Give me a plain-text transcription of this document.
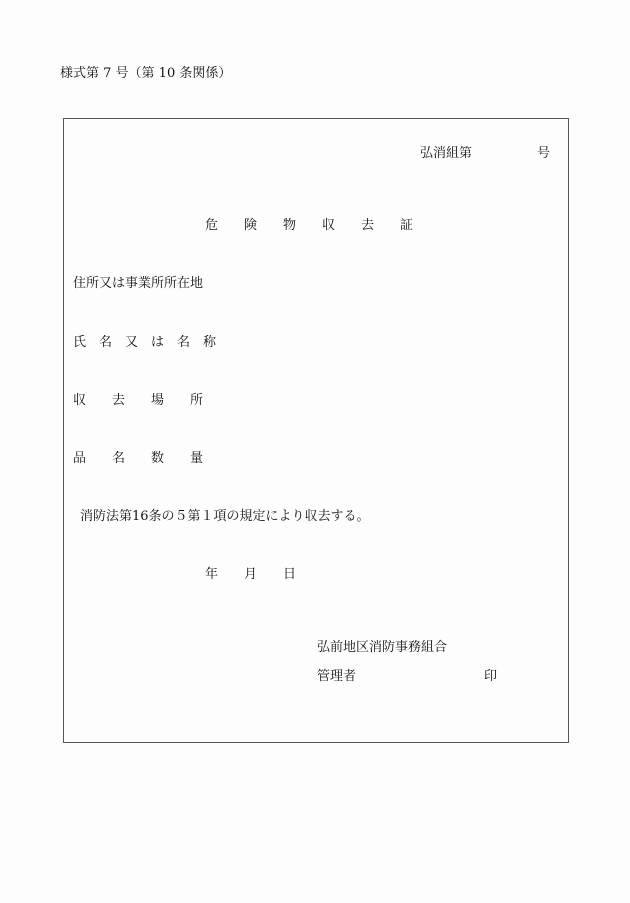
様式第 7 号（第 10 条関係）
弘消組第　　　　　号
危　　険　　物　　収　　去　　証
住所又は事業所所在地
氏　名　又　は　名　称
収　　去　　場　　所
品　　名　　数　　量
消防法第16条の５第１項の規定により収去する。
年　　月　　日
弘前地区消防事務組合
管理者	印
